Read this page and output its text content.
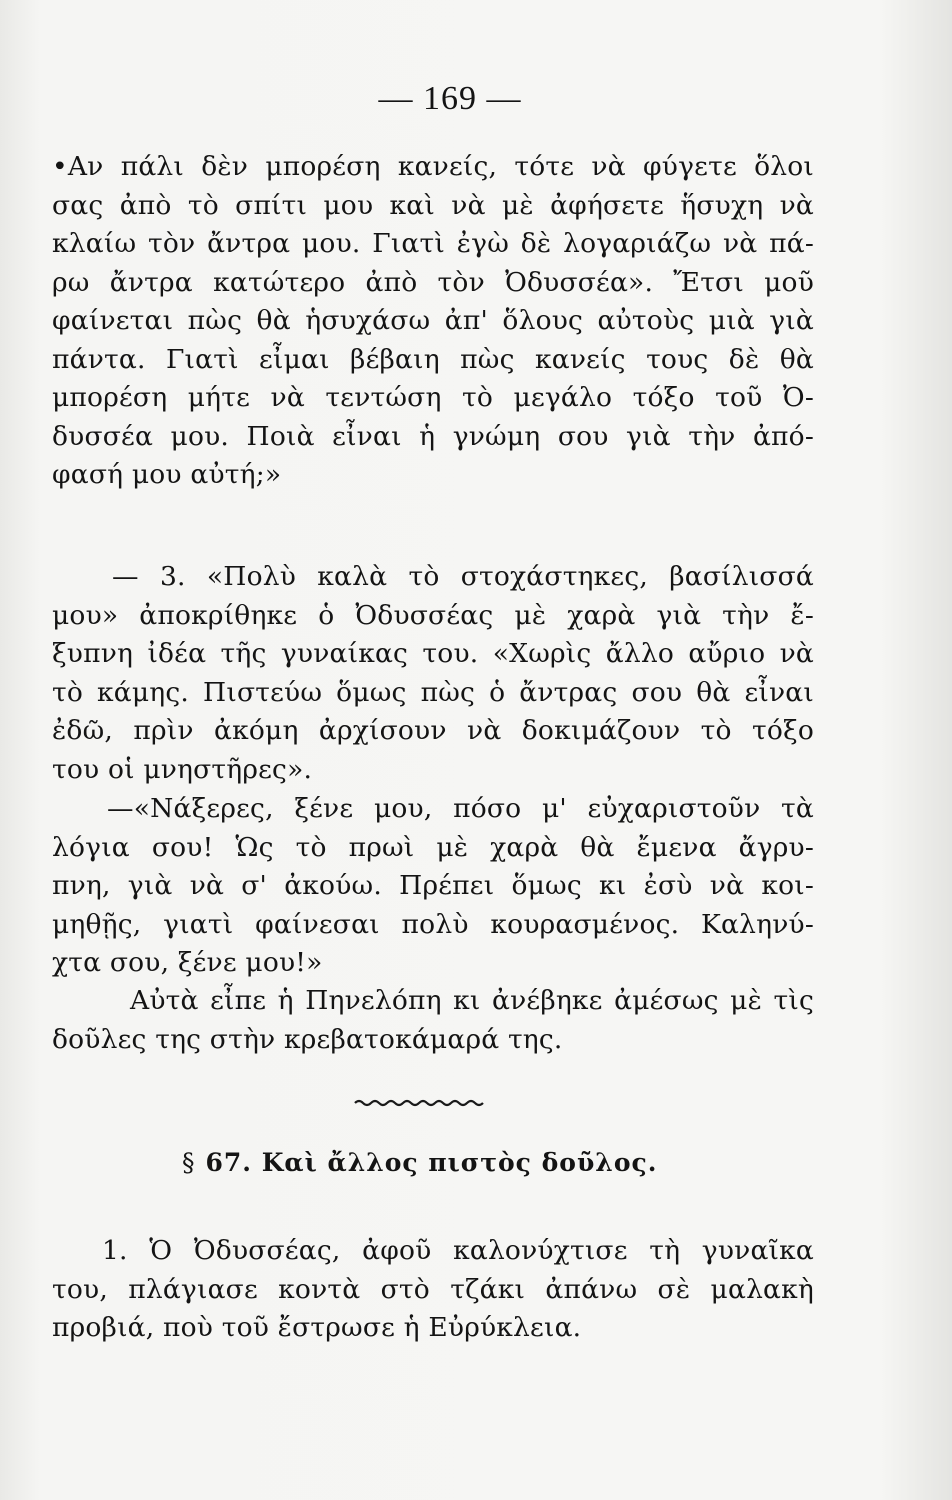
— 169 —
•Αν πάλι δὲν μπορέση κανείς, τότε νὰ φύγετε ὅλοι
σας ἀπὸ τὸ σπίτι μου καὶ νὰ μὲ ἀφήσετε ἥσυχη νὰ
κλαίω τὸν ἄντρα μου. Γιατὶ ἐγὼ δὲ λογαριάζω νὰ πά-
ρω ἄντρα κατώτερο ἀπὸ τὸν Ὀδυσσέα». Ἔτσι μοῦ
φαίνεται πὼς θὰ ἡσυχάσω ἀπ' ὅλους αὐτοὺς μιὰ γιὰ
πάντα. Γιατὶ εἶμαι βέβαιη πὼς κανείς τους δὲ θὰ
μπορέση μήτε νὰ τεντώση τὸ μεγάλο τόξο τοῦ Ὀ-
δυσσέα μου. Ποιὰ εἶναι ἡ γνώμη σου γιὰ τὴν ἀπό-
φασή μου αὐτή;»
— 3. «Πολὺ καλὰ τὸ στοχάστηκες, βασίλισσά
μου» ἀποκρίθηκε ὁ Ὀδυσσέας μὲ χαρὰ γιὰ τὴν ἔ-
ξυπνη ἰδέα τῆς γυναίκας του. «Χωρὶς ἄλλο αὔριο νὰ
τὸ κάμης. Πιστεύω ὅμως πὼς ὁ ἄντρας σου θὰ εἶναι
ἐδῶ, πρὶν ἀκόμη ἀρχίσουν νὰ δοκιμάζουν τὸ τόξο
του οἱ μνηστῆρες».
—«Νάξερες, ξένε μου, πόσο μ' εὐχαριστοῦν τὰ
λόγια σου! Ὡς τὸ πρωὶ μὲ χαρὰ θὰ ἔμενα ἄγρυ-
πνη, γιὰ νὰ σ' ἀκούω. Πρέπει ὅμως κι ἐσὺ νὰ κοι-
μηθῇς, γιατὶ φαίνεσαι πολὺ κουρασμένος. Καληνύ-
χτα σου, ξένε μου!»
Αὐτὰ εἶπε ἡ Πηνελόπη κι ἀνέβηκε ἀμέσως μὲ τὶς
δοῦλες της στὴν κρεβατοκάμαρά της.
§ 67. Καὶ ἄλλος πιστὸς δοῦλος.
1. Ὁ Ὀδυσσέας, ἀφοῦ καλονύχτισε τὴ γυναῖκα
του, πλάγιασε κοντὰ στὸ τζάκι ἀπάνω σὲ μαλακὴ
προβιά, ποὺ τοῦ ἔστρωσε ἡ Εὐρύκλεια.
